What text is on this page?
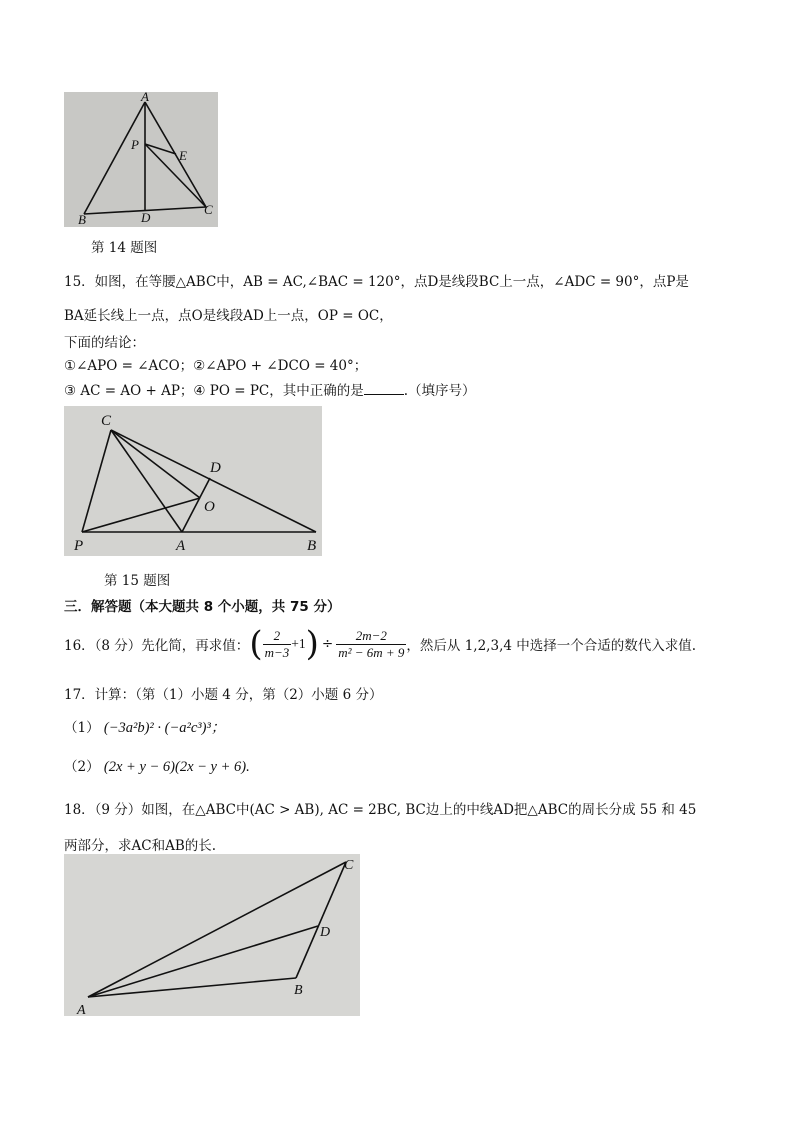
A
P
E
B	D
C
第 14 题图
15．如图，在等腰△ABC中，AB = AC,∠BAC = 120°，点D是线段BC上一点，∠ADC = 90°，点P是
BA延长线上一点，点O是线段AD上一点，OP = OC，
下面的结论：
①∠APO = ∠ACO；②∠APO + ∠DCO = 40°；
③ AC = AO + AP；④ PO = PC，其中正确的是	.（填序号）
C
D
O
P	A	B
第 15 题图
三．解答题（本大题共 8 个小题，共 75 分）
16．（8 分）先化简，再求值： ( $\frac{2}{m-3} +1$ ) ÷ $\frac{2m-2}{\text{m² − 6m + 9}}$ ，然后从 1,2,3,4 中选择一个合适的数代入求值.
17．计算：（第（1）小题 4 分，第（2）小题 6 分）
（1） (−3a²b)² · (−a²c³)³；
（2） (2x + y − 6)(2x − y + 6).
18．（9 分）如图，在△ABC中(AC > AB), AC = 2BC, BC边上的中线AD把△ABC的周长分成 55 和 45
两部分，求AC和AB的长.
C
D
B
A
